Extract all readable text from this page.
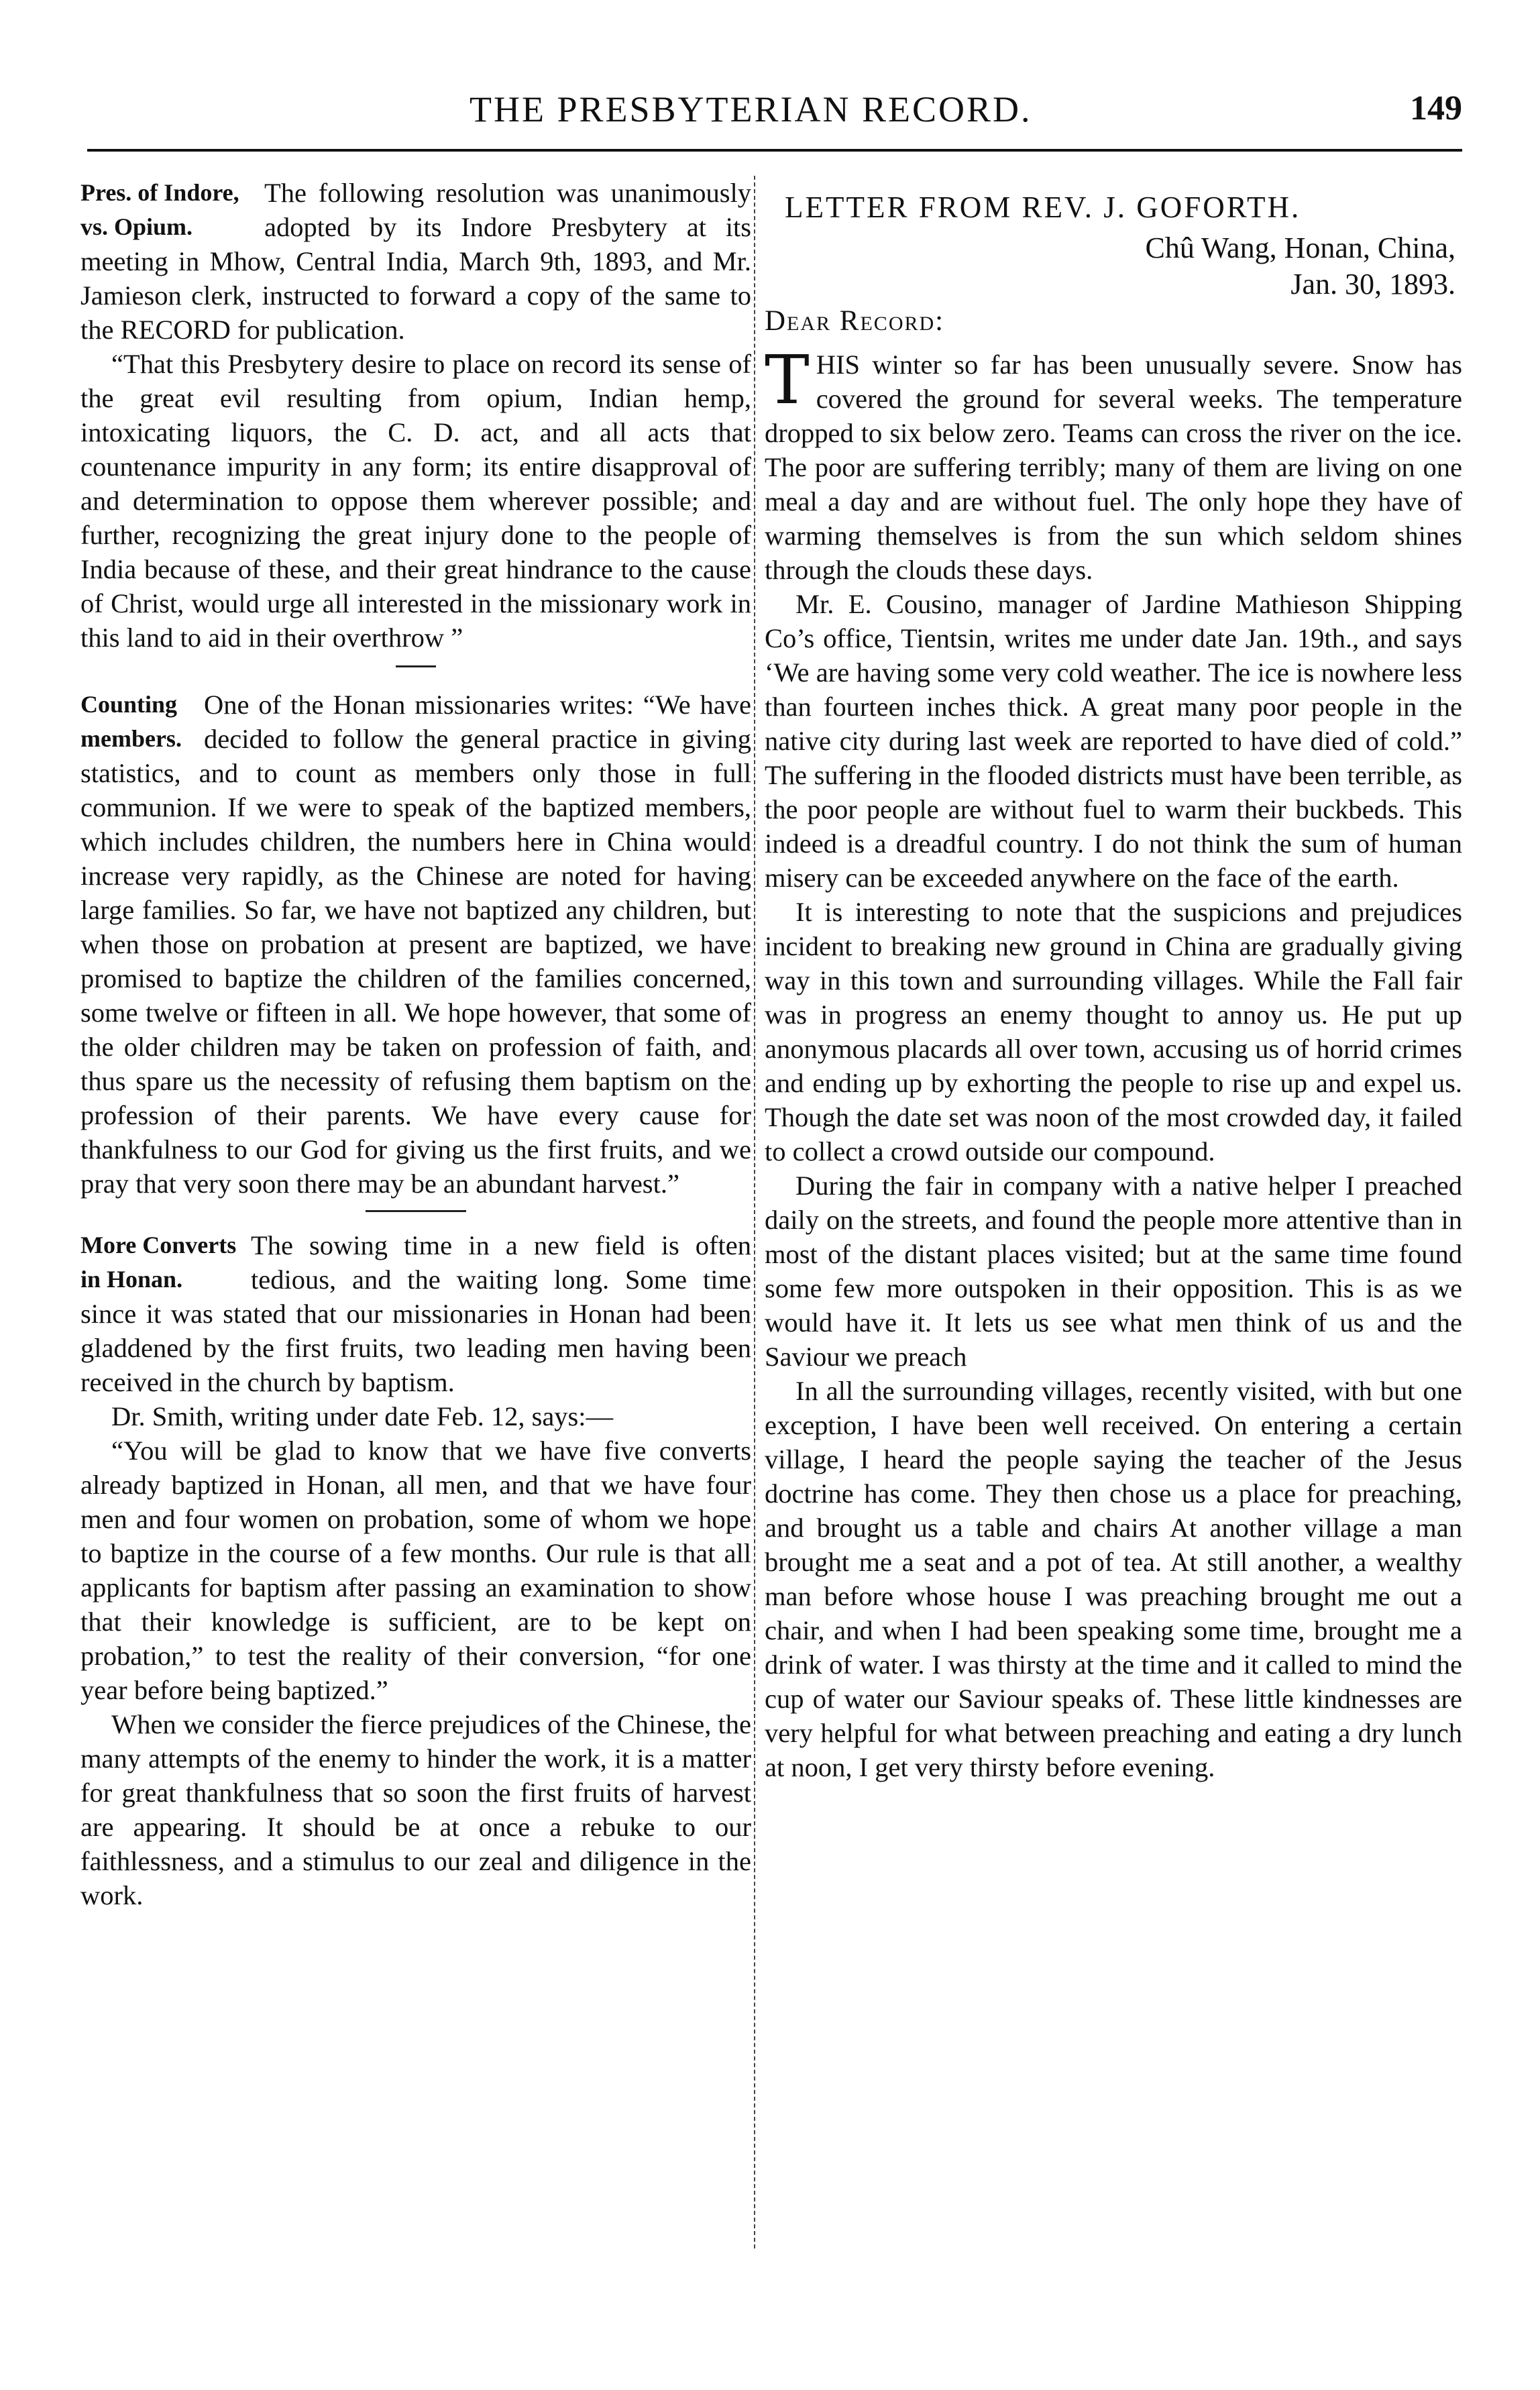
THE PRESBYTERIAN RECORD.	149
Pres. of Indore,
vs. Opium.

The following resolution was unanimously adopted by its Indore Presbytery at its meeting in Mhow, Central India, March 9th, 1893, and Mr. Jamieson clerk, instructed to forward a copy of the same to the RECORD for publication.

“That this Presbytery desire to place on record its sense of the great evil resulting from opium, Indian hemp, intoxicating liquors, the C. D. act, and all acts that countenance impurity in any form; its entire disapproval of and determination to oppose them wherever possible; and further, recognizing the great injury done to the people of India because of these, and their great hindrance to the cause of Christ, would urge all interested in the missionary work in this land to aid in their overthrow ”

Counting
members.

One of the Honan missionaries writes: “We have decided to follow the general practice in giving statistics, and to count as members only those in full communion. If we were to speak of the baptized members, which includes children, the numbers here in China would increase very rapidly, as the Chinese are noted for having large families. So far, we have not baptized any children, but when those on probation at present are baptized, we have promised to baptize the children of the families concerned, some twelve or fifteen in all. We hope however, that some of the older children may be taken on profession of faith, and thus spare us the necessity of refusing them baptism on the profession of their parents. We have every cause for thankfulness to our God for giving us the first fruits, and we pray that very soon there may be an abundant harvest.”

More Converts
in Honan.

The sowing time in a new field is often tedious, and the waiting long. Some time since it was stated that our missionaries in Honan had been gladdened by the first fruits, two leading men having been received in the church by baptism.

Dr. Smith, writing under date Feb. 12, says:—

“You will be glad to know that we have five converts already baptized in Honan, all men, and that we have four men and four women on probation, some of whom we hope to baptize in the course of a few months. Our rule is that all applicants for baptism after passing an examination to show that their knowledge is sufficient, are to be kept on probation,” to test the reality of their conversion, “for one year before being baptized.”

When we consider the fierce prejudices of the Chinese, the many attempts of the enemy to hinder the work, it is a matter for great thankfulness that so soon the first fruits of harvest are appearing. It should be at once a rebuke to our faithlessness, and a stimulus to our zeal and diligence in the work.

LETTER FROM REV. J. GOFORTH.
Chû Wang, Honan, China,
Jan. 30, 1893.
Dear Record:

T HIS winter so far has been unusually severe. Snow has covered the ground for several weeks. The temperature dropped to six below zero. Teams can cross the river on the ice. The poor are suffering terribly; many of them are living on one meal a day and are without fuel. The only hope they have of warming themselves is from the sun which seldom shines through the clouds these days.

Mr. E. Cousino, manager of Jardine Mathieson Shipping Co’s office, Tientsin, writes me under date Jan. 19th., and says ‘We are having some very cold weather. The ice is nowhere less than fourteen inches thick. A great many poor people in the native city during last week are reported to have died of cold.” The suffering in the flooded districts must have been terrible, as the poor people are without fuel to warm their buckbeds. This indeed is a dreadful country. I do not think the sum of human misery can be exceeded anywhere on the face of the earth.

It is interesting to note that the suspicions and prejudices incident to breaking new ground in China are gradually giving way in this town and surrounding villages. While the Fall fair was in progress an enemy thought to annoy us. He put up anonymous placards all over town, accusing us of horrid crimes and ending up by exhorting the people to rise up and expel us. Though the date set was noon of the most crowded day, it failed to collect a crowd outside our compound.

During the fair in company with a native helper I preached daily on the streets, and found the people more attentive than in most of the distant places visited; but at the same time found some few more outspoken in their opposition. This is as we would have it. It lets us see what men think of us and the Saviour we preach

In all the surrounding villages, recently visited, with but one exception, I have been well received. On entering a certain village, I heard the people saying the teacher of the Jesus doctrine has come. They then chose us a place for preaching, and brought us a table and chairs At another village a man brought me a seat and a pot of tea. At still another, a wealthy man before whose house I was preaching brought me out a chair, and when I had been speaking some time, brought me a drink of water. I was thirsty at the time and it called to mind the cup of water our Saviour speaks of. These little kindnesses are very helpful for what between preaching and eating a dry lunch at noon, I get very thirsty before evening.
